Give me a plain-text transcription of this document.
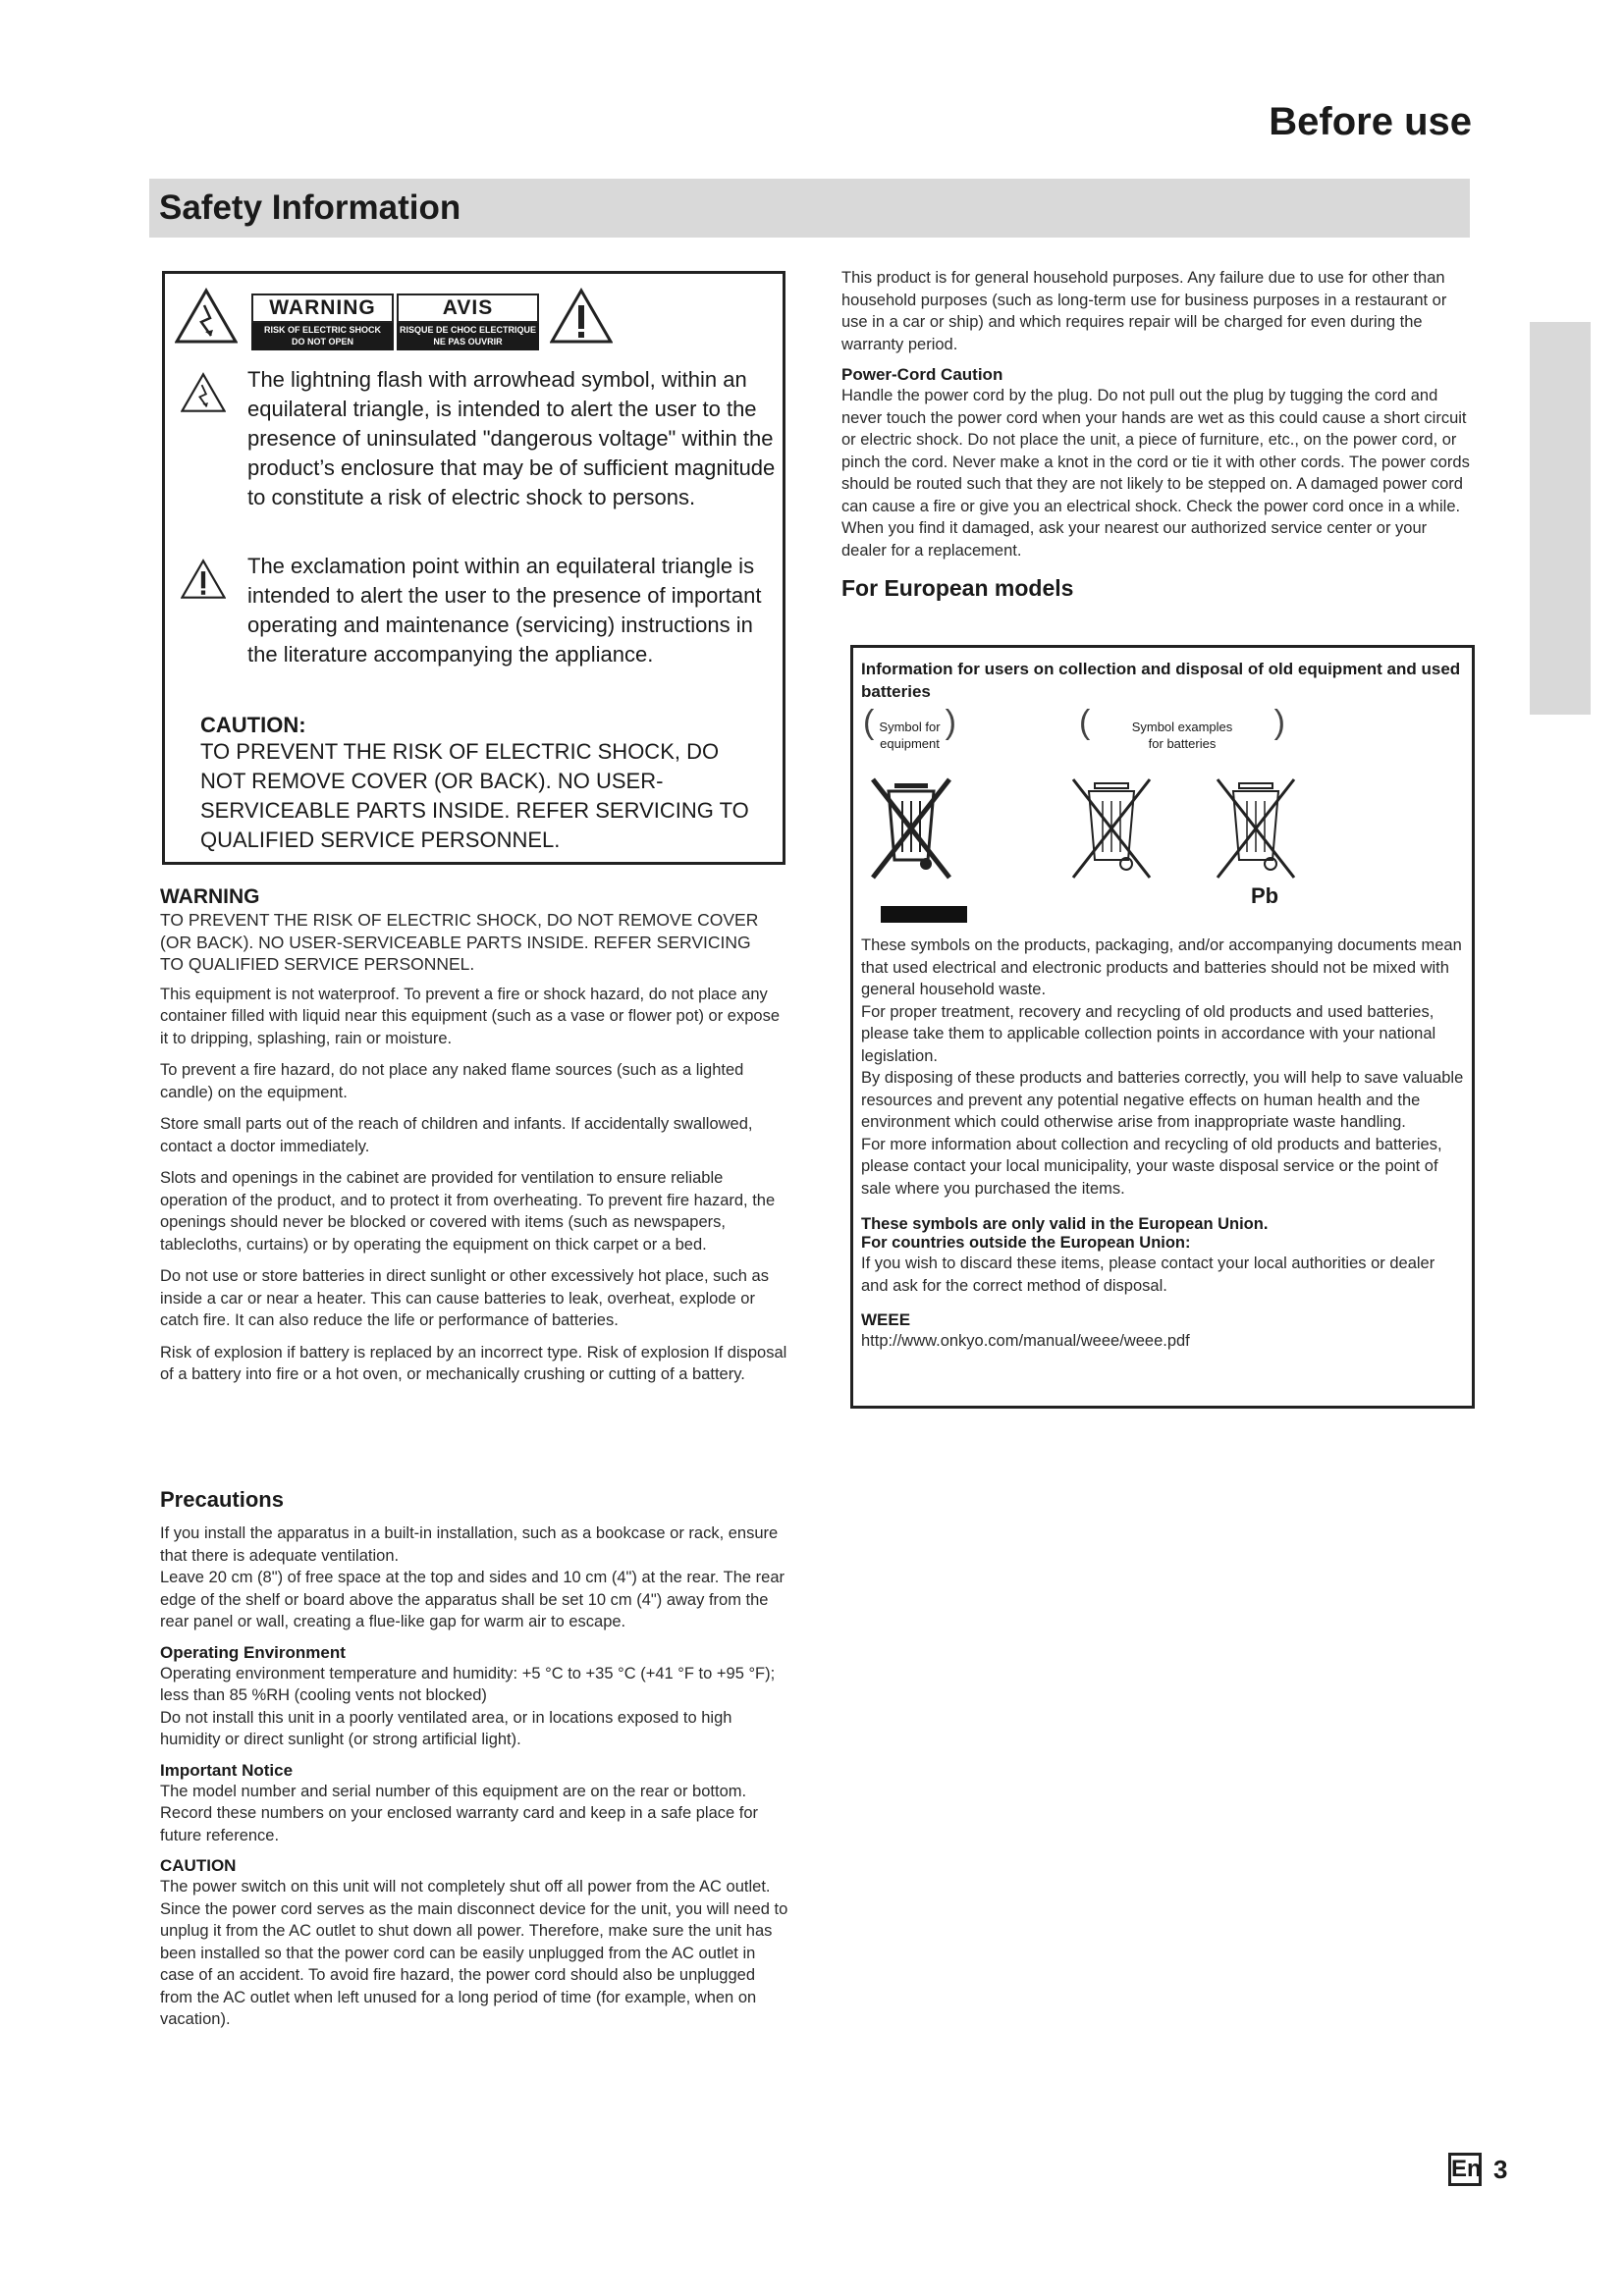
Before use
Safety Information
WARNING
RISK OF ELECTRIC SHOCK
DO NOT OPEN
AVIS
RISQUE DE CHOC ELECTRIQUE
NE PAS OUVRIR

The lightning flash with arrowhead symbol, within an equilateral triangle, is intended to alert the user to the presence of uninsulated "dangerous voltage" within the product’s enclosure that may be of sufficient magnitude to constitute a risk of electric shock to persons.

The exclamation point within an equilateral triangle is intended to alert the user to the presence of important operating and maintenance (servicing) instructions in the literature accompanying the appliance.

CAUTION:

TO PREVENT THE RISK OF ELECTRIC SHOCK, DO NOT REMOVE COVER (OR BACK). NO USER-SERVICEABLE PARTS INSIDE. REFER SERVICING TO QUALIFIED SERVICE PERSONNEL.

WARNING

TO PREVENT THE RISK OF ELECTRIC SHOCK, DO NOT REMOVE COVER (OR BACK). NO USER-SERVICEABLE PARTS INSIDE. REFER SERVICING TO QUALIFIED SERVICE PERSONNEL.

This equipment is not waterproof. To prevent a fire or shock hazard, do not place any container filled with liquid near this equipment (such as a vase or flower pot) or expose it to dripping, splashing, rain or moisture.

To prevent a fire hazard, do not place any naked flame sources (such as a lighted candle) on the equipment.

Store small parts out of the reach of children and infants. If accidentally swallowed, contact a doctor immediately.

Slots and openings in the cabinet are provided for ventilation to ensure reliable operation of the product, and to protect it from overheating. To prevent fire hazard, the openings should never be blocked or covered with items (such as newspapers, tablecloths, curtains) or by operating the equipment on thick carpet or a bed.

Do not use or store batteries in direct sunlight or other excessively hot place, such as inside a car or near a heater. This can cause batteries to leak, overheat, explode or catch fire. It can also reduce the life or performance of batteries.

Risk of explosion if battery is replaced by an incorrect type. Risk of explosion If disposal of a battery into fire or a hot oven, or mechanically crushing or cutting of a battery.

Precautions

If you install the apparatus in a built-in installation, such as a bookcase or rack, ensure that there is adequate ventilation.

Leave 20 cm (8") of free space at the top and sides and 10 cm (4") at the rear. The rear edge of the shelf or board above the apparatus shall be set 10 cm (4") away from the rear panel or wall, creating a flue-like gap for warm air to escape.

Operating Environment

Operating environment temperature and humidity: +5 °C to +35 °C (+41 °F to +95 °F); less than 85 %RH (cooling vents not blocked)

Do not install this unit in a poorly ventilated area, or in locations exposed to high humidity or direct sunlight (or strong artificial light).

Important Notice

The model number and serial number of this equipment are on the rear or bottom. Record these numbers on your enclosed warranty card and keep in a safe place for future reference.

CAUTION

The power switch on this unit will not completely shut off all power from the AC outlet. Since the power cord serves as the main disconnect device for the unit, you will need to unplug it from the AC outlet to shut down all power. Therefore, make sure the unit has been installed so that the power cord can be easily unplugged from the AC outlet in case of an accident. To avoid fire hazard, the power cord should also be unplugged from the AC outlet when left unused for a long period of time (for example, when on vacation).

This product is for general household purposes. Any failure due to use for other than household purposes (such as long-term use for business purposes in a restaurant or use in a car or ship) and which requires repair will be charged for even during the warranty period.

Power-Cord Caution

Handle the power cord by the plug. Do not pull out the plug by tugging the cord and never touch the power cord when your hands are wet as this could cause a short circuit or electric shock. Do not place the unit, a piece of furniture, etc., on the power cord, or pinch the cord. Never make a knot in the cord or tie it with other cords. The power cords should be routed such that they are not likely to be stepped on. A damaged power cord can cause a fire or give you an electrical shock. Check the power cord once in a while. When you find it damaged, ask your nearest our authorized service center or your dealer for a replacement.

For European models

Information for users on collection and disposal of old equipment and used batteries

( Symbol for equipment
)	(	Symbol examples for batteries
)

Pb

These symbols on the products, packaging, and/or accompanying documents mean that used electrical and electronic products and batteries should not be mixed with general household waste.

For proper treatment, recovery and recycling of old products and used batteries, please take them to applicable collection points in accordance with your national legislation.

By disposing of these products and batteries correctly, you will help to save valuable resources and prevent any potential negative effects on human health and the environment which could otherwise arise from inappropriate waste handling.

For more information about collection and recycling of old products and batteries, please contact your local municipality, your waste disposal service or the point of sale where you purchased the items.

These symbols are only valid in the European Union.

For countries outside the European Union:

If you wish to discard these items, please contact your local authorities or dealer and ask for the correct method of disposal.

WEEE

http://www.onkyo.com/manual/weee/weee.pdf

En 3
